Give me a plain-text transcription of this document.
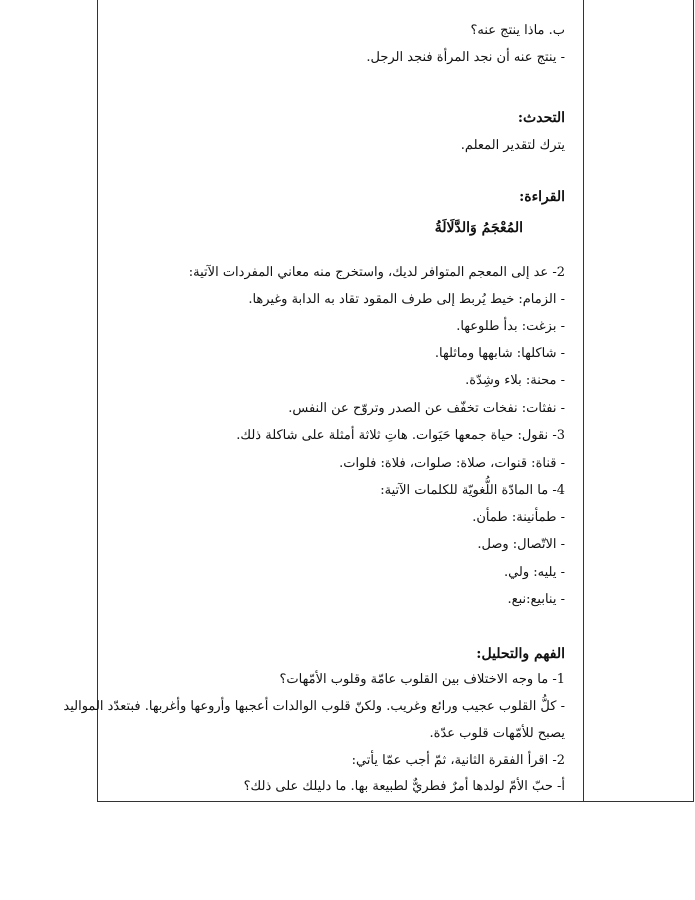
ب. ماذا ينتج عنه؟
- ينتج عنه أن نجد المرأة فنجد الرجل.
التحدث:
يترك لتقدير المعلم.
القراءة:
المُعْجَمُ وَالدَّلَالَةُ
2- عد إلى المعجم المتوافر لديك، واستخرج منه معاني المفردات الآتية:
- الزمام: خيط يُربط إلى طرف المقود تقاد به الدابة وغيرها.
- بزغت: بدأ طلوعها.
- شاكلها: شابهها وماثلها.
- محنة: بلاء وشِدّة.
- نفثات: نفخات تخفّف عن الصدر وتروّح عن النفس.
3- نقول: حياة جمعها حَيَوات. هاتِ ثلاثة أمثلة على شاكلة ذلك.
- قناة: قنوات، صلاة: صلوات، فلاة: فلوات.
4- ما المادّة اللُّغويّة للكلمات الآتية:
- طمأنينة: طمأن.
- الاتّصال: وصل.
- يليه: ولي.
- ينابيع:نبع.
الفهم والتحليل:
1- ما وجه الاختلاف بين القلوب عامّة وقلوب الأمّهات؟
- كلُّ القلوب عجيب ورائع وغريب. ولكنّ قلوب الوالدات أعجبها وأروعها وأغربها. فبتعدّد المواليد
يصبح للأمّهات قلوب عدّة.
2- اقرأ الفقرة الثانية، ثمّ أجب عمّا يأتي:
أ- حبّ الأمّ لولدها أمرٌ فطريٌّ لطبيعة بها. ما دليلك على ذلك؟
